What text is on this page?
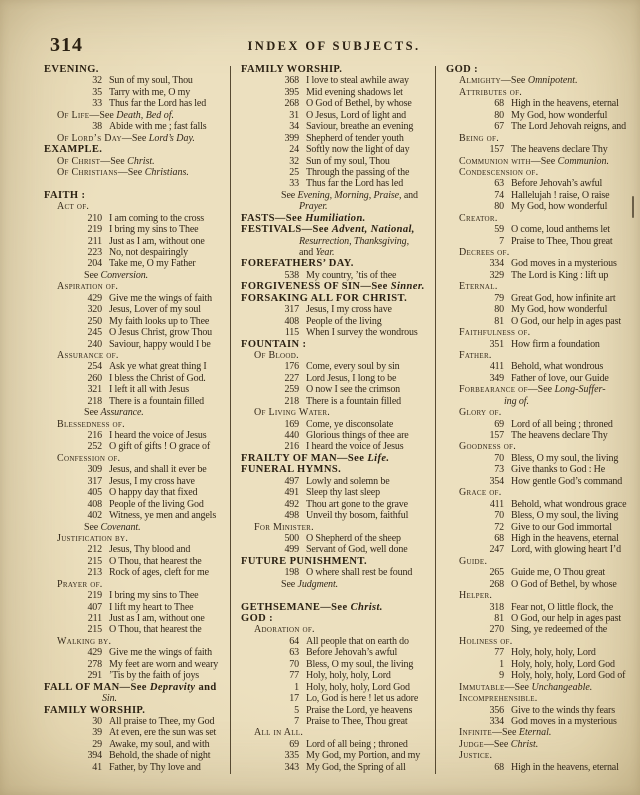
314	INDEX OF SUBJECTS.
EVENING.
32 Sun of my soul, Thou
35 Tarry with me, O my
33 Thus far the Lord has led
Of Life—See Death, Bed of.
38 Abide with me ; fast falls
Of Lord’s Day—See Lord’s Day.
EXAMPLE.
Of Christ—See Christ.
Of Christians—See Christians.
FAITH :
Act of.
210 I am coming to the cross
219 I bring my sins to Thee
211 Just as I am, without one
223 No, not despairingly
204 Take me, O my Father
See Conversion.
Aspiration of.
429 Give me the wings of faith
320 Jesus, Lover of my soul
250 My faith looks up to Thee
245 O Jesus Christ, grow Thou
240 Saviour, happy would I be
Assurance of.
254 Ask ye what great thing I
260 I bless the Christ of God.
321 I left it all with Jesus
218 There is a fountain filled
See Assurance.
Blessedness of.
216 I heard the voice of Jesus
252 O gift of gifts ! O grace of
Confession of.
309 Jesus, and shall it ever be
317 Jesus, I my cross have
405 O happy day that fixed
408 People of the living God
402 Witness, ye men and angels
See Covenant.
Justification by.
212 Jesus, Thy blood and
215 O Thou, that hearest the
213 Rock of ages, cleft for me
Prayer of.
219 I bring my sins to Thee
407 I lift my heart to Thee
211 Just as I am, without one
215 O Thou, that hearest the
Walking by.
429 Give me the wings of faith
278 My feet are worn and weary
291 ’Tis by the faith of joys
FALL OF MAN—See Depravity and
Sin.
FAMILY WORSHIP.
30 All praise to Thee, my God
39 At even, ere the sun was set
29 Awake, my soul, and with
394 Behold, the shade of night
41 Father, by Thy love and
FAMILY WORSHIP.
368 I love to steal awhile away
395 Mid evening shadows let
268 O God of Bethel, by whose
31 O Jesus, Lord of light and
34 Saviour, breathe an evening
399 Shepherd of tender youth
24 Softly now the light of day
32 Sun of my soul, Thou
25 Through the passing of the
33 Thus far the Lord has led
See Evening, Morning, Praise, and
Prayer.
FASTS—See Humiliation.
FESTIVALS—See Advent, National,
Resurrection, Thanksgiving,
and Year.
FOREFATHERS’ DAY.
538 My country, ’tis of thee
FORGIVENESS OF SIN—See Sinner.
FORSAKING ALL FOR CHRIST.
317 Jesus, I my cross have
408 People of the living
115 When I survey the wondrous
FOUNTAIN :
Of Blood.
176 Come, every soul by sin
227 Lord Jesus, I long to be
259 O now I see the crimson
218 There is a fountain filled
Of Living Water.
169 Come, ye disconsolate
440 Glorious things of thee are
216 I heard the voice of Jesus
FRAILTY OF MAN—See Life.
FUNERAL HYMNS.
497 Lowly and solemn be
491 Sleep thy last sleep
492 Thou art gone to the grave
498 Unveil thy bosom, faithful
For Minister.
500 O Shepherd of the sheep
499 Servant of God, well done
FUTURE PUNISHMENT.
198 O where shall rest be found
See Judgment.
GETHSEMANE—See Christ.
GOD :
Adoration of.
64 All people that on earth do
63 Before Jehovah’s awful
70 Bless, O my soul, the living
77 Holy, holy, holy, Lord
1 Holy, holy, holy, Lord God
17 Lo, God is here ! let us adore
5 Praise the Lord, ye heavens
7 Praise to Thee, Thou great
All in All.
69 Lord of all being ; throned
335 My God, my Portion, and my
343 My God, the Spring of all
GOD :
Almighty—See Omnipotent.
Attributes of.
68 High in the heavens, eternal
80 My God, how wonderful
67 The Lord Jehovah reigns, and
Being of.
157 The heavens declare Thy
Communion with—See Communion.
Condescension of.
63 Before Jehovah’s awful
74 Hallelujah ! raise, O raise
80 My God, how wonderful
Creator.
59 O come, loud anthems let
7 Praise to Thee, Thou great
Decrees of.
334 God moves in a mysterious
329 The Lord is King : lift up
Eternal.
79 Great God, how infinite art
80 My God, how wonderful
81 O God, our help in ages past
Faithfulness of.
351 How firm a foundation
Father.
411 Behold, what wondrous
349 Father of love, our Guide
Forbearance of—See Long-Suffer-
ing of.
Glory of.
69 Lord of all being ; throned
157 The heavens declare Thy
Goodness of.
70 Bless, O my soul, the living
73 Give thanks to God : He
354 How gentle God’s command
Grace of.
411 Behold, what wondrous grace
70 Bless, O my soul, the living
72 Give to our God immortal
68 High in the heavens, eternal
247 Lord, with glowing heart I’d
Guide.
265 Guide me, O Thou great
268 O God of Bethel, by whose
Helper.
318 Fear not, O little flock, the
81 O God, our help in ages past
270 Sing, ye redeemed of the
Holiness of.
77 Holy, holy, holy, Lord
1 Holy, holy, holy, Lord God
9 Holy, holy, holy, Lord God of
Immutable—See Unchangeable.
Incomprehensible.
356 Give to the winds thy fears
334 God moves in a mysterious
Infinite—See Eternal.
Judge—See Christ.
Justice.
68 High in the heavens, eternal
